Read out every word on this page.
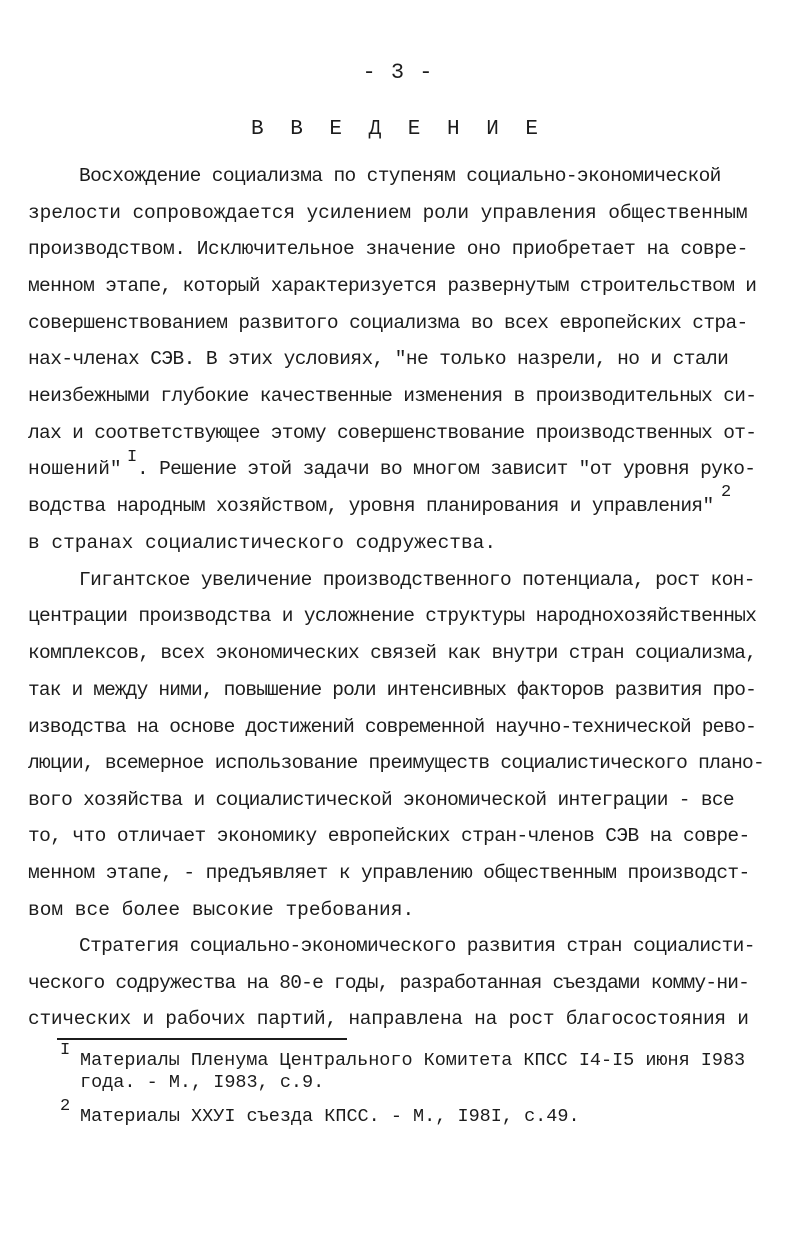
- 3 -
В В Е Д Е Н И Е
Восхождение социализма по ступеням социально-экономической
зрелости сопровождается усилением роли управления общественным
производством. Исключительное значение оно приобретает на совре-
менном этапе, который характеризуется развернутым строительством и
совершенствованием развитого социализма во всех европейских стра-
нах-членах СЭВ. В этих условиях, "не только назрели, но и стали
неизбежными глубокие качественные изменения в производительных си-
лах и соответствующее этому совершенствование производственных от-
ношений"
I
. Решение этой задачи во многом зависит "от уровня руко-
водства народным хозяйством, уровня планирования и управления"
2
в странах социалистического содружества.
Гигантское увеличение производственного потенциала, рост кон-
центрации производства и усложнение структуры народнохозяйственных
комплексов, всех экономических связей как внутри стран социализма,
так и между ними, повышение роли интенсивных факторов развития про-
изводства на основе достижений современной научно-технической рево-
люции, всемерное использование преимуществ социалистического плано-
вого хозяйства и социалистической экономической интеграции - все
то, что отличает экономику европейских стран-членов СЭВ на совре-
менном этапе, - предъявляет к управлению общественным производст-
вом все более высокие требования.
Стратегия социально-экономического развития стран социалисти-
ческого содружества на 80-е годы, разработанная съездами комму-ни-
стических и рабочих партий, направлена на рост благосостояния и
I Материалы Пленума Центрального Комитета КПСС I4-I5 июня I983
года. - М., I983, с.9.
2 Материалы ХХУI съезда КПСС. - М., I98I, с.49.
